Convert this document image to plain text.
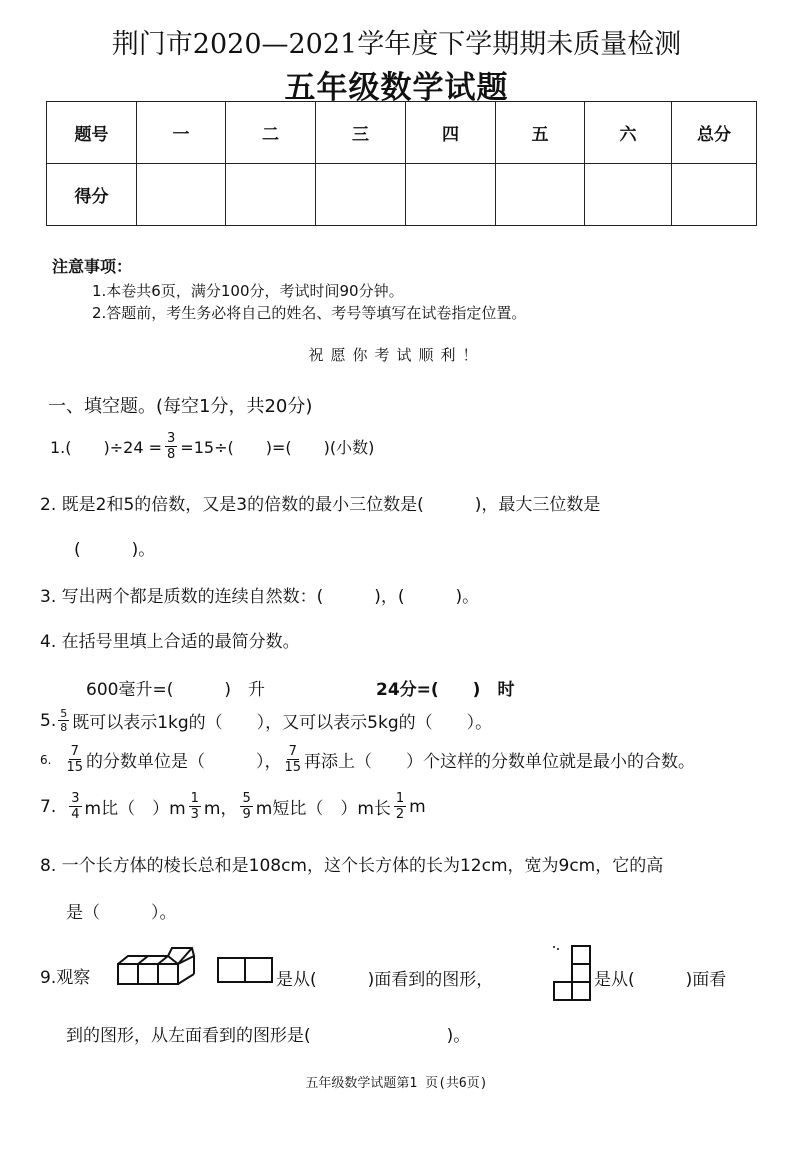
荆门市2020—2021学年度下学期期未质量检测
五年级数学试题
题号	一	二	三	四	五	六	总分
得分							
注意事项：
1.本卷共6页，满分100分，考试时间90分钟。
2.答题前，考生务必将自己的姓名、考号等填写在试卷指定位置。
祝愿你考试顺利！
一、填空题。(每空1分，共20分)
1.(　　)$\div 24 = \frac{3}{8} =15\div$(　　)=(　　)(小数)
2. 既是2和5的倍数，又是3的倍数的最小三位数是(　　　)，最大三位数是
(　　　)。
3. 写出两个都是质数的连续自然数：(　　　)，(　　　)。
4. 在括号里填上合适的最简分数。
600毫升=(　　　)　升	24分=(　　)　时
5. $\frac{5}{8}$ 既可以表示1kg的（　　），又可以表示5kg的（　　）。
6. $\frac{7}{15}$ 的分数单位是（　　　）， $\frac{7}{15}$ 再添上（　　）个这样的分数单位就是最小的合数。
7. $\frac{3}{4}$ m比（　）$m \frac{1}{3}$ m， $\frac{5}{9}$ m短比（　）m长 $\frac{1}{2}$ m
8. 一个长方体的棱长总和是108cm，这个长方体的长为12cm，宽为9cm，它的高
是（　　　）。
9.观察	是从(　　　)面看到的图形，	是从(　　　)面看
到的图形，从左面看到的图形是(　　　　　　　　)。
五年级数学试题第1 页(共6页)
